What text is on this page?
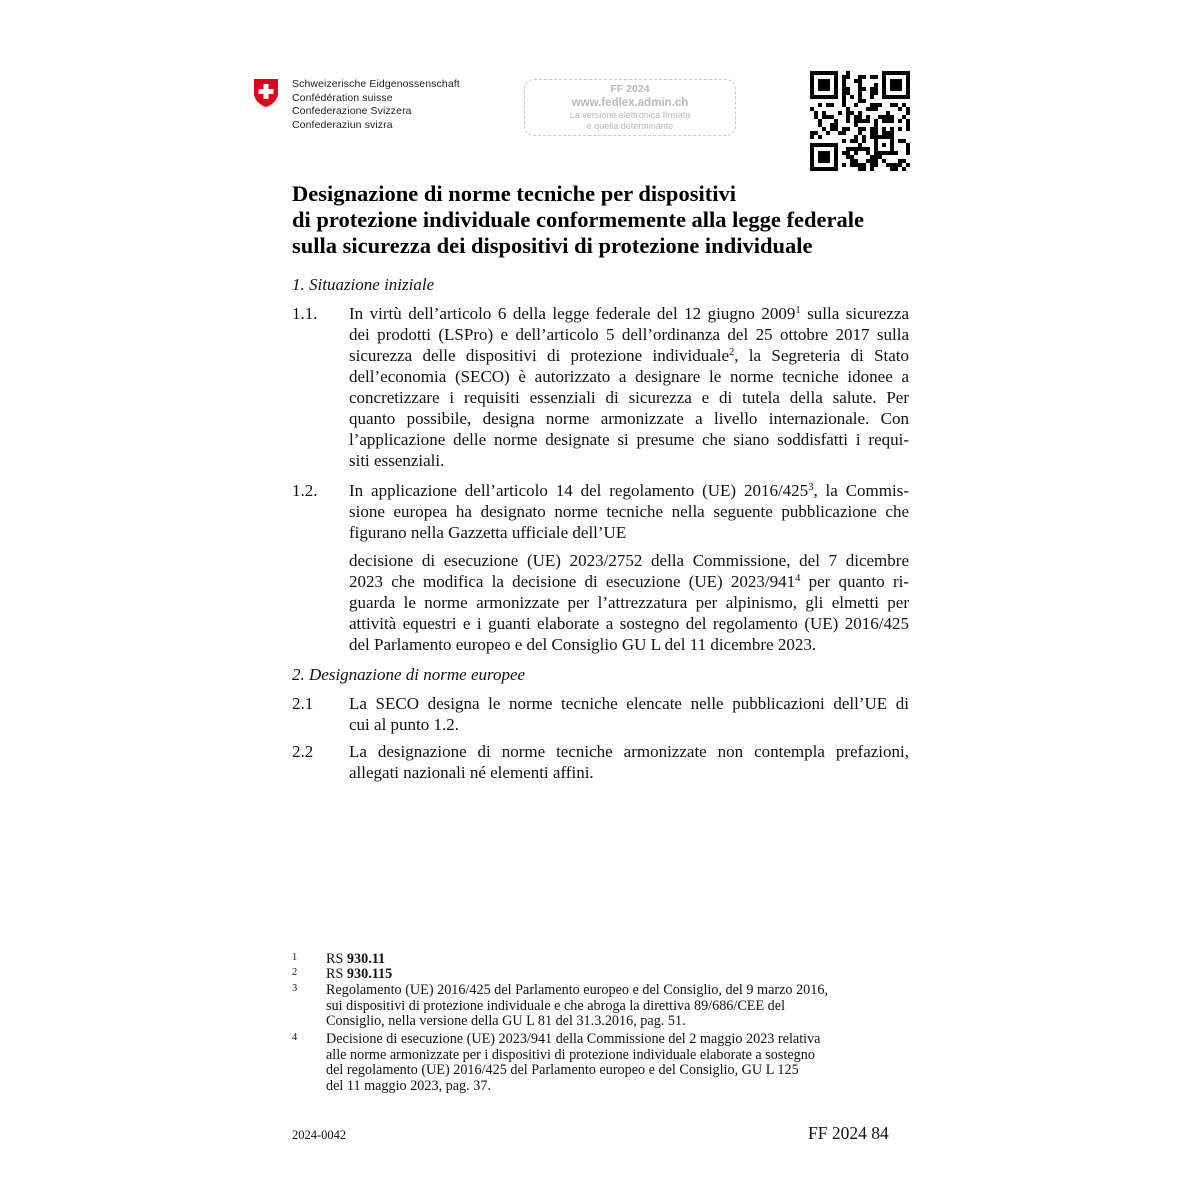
Schweizerische Eidgenossenschaft
Confédération suisse
Confederazione Svizzera
Confederaziun svizra
FF 2024
www.fedlex.admin.ch
La versione elettronica firmata
è quella determinante
Designazione di norme tecniche per dispositivi
di protezione individuale conformemente alla legge federale
sulla sicurezza dei dispositivi di protezione individuale
1. Situazione iniziale
1.1. In virtù dell’articolo 6 della legge federale del 12 giugno 2009$^1$ sulla sicurezza
dei prodotti (LSPro) e dell’articolo 5 dell’ordinanza del 25 ottobre 2017 sulla
sicurezza delle dispositivi di protezione individuale$^2$, la Segreteria di Stato
dell’economia (SECO) è autorizzato a designare le norme tecniche idonee a
concretizzare i requisiti essenziali di sicurezza e di tutela della salute. Per
quanto possibile, designa norme armonizzate a livello internazionale. Con
l’applicazione delle norme designate si presume che siano soddisfatti i requi-
siti essenziali.
1.2. In applicazione dell’articolo 14 del regolamento (UE) $2016/425^3$, la Commis-
sione europea ha designato norme tecniche nella seguente pubblicazione che
figurano nella Gazzetta ufficiale dell’UE
decisione di esecuzione (UE) 2023/2752 della Commissione, del 7 dicembre
2023 che modifica la decisione di esecuzione (UE) $2023/941^4$ per quanto ri-
guarda le norme armonizzate per l’attrezzatura per alpinismo, gli elmetti per
attività equestri e i guanti elaborate a sostegno del regolamento (UE) 2016/425
del Parlamento europeo e del Consiglio GU L del 11 dicembre 2023.
2. Designazione di norme europee
2.1 La SECO designa le norme tecniche elencate nelle pubblicazioni dell’UE di
cui al punto 1.2.
2.2 La designazione di norme tecniche armonizzate non contempla prefazioni,
allegati nazionali né elementi affini.
1 RS 930.11
2 RS 930.115
3 Regolamento (UE) 2016/425 del Parlamento europeo e del Consiglio, del 9 marzo 2016,
sui dispositivi di protezione individuale e che abroga la direttiva 89/686/CEE del
Consiglio, nella versione della GU L 81 del 31.3.2016, pag. 51.
4 Decisione di esecuzione (UE) 2023/941 della Commissione del 2 maggio 2023 relativa
alle norme armonizzate per i dispositivi di protezione individuale elaborate a sostegno
del regolamento (UE) 2016/425 del Parlamento europeo e del Consiglio, GU L 125
del 11 maggio 2023, pag. 37.
2024-0042	FF 2024 84
